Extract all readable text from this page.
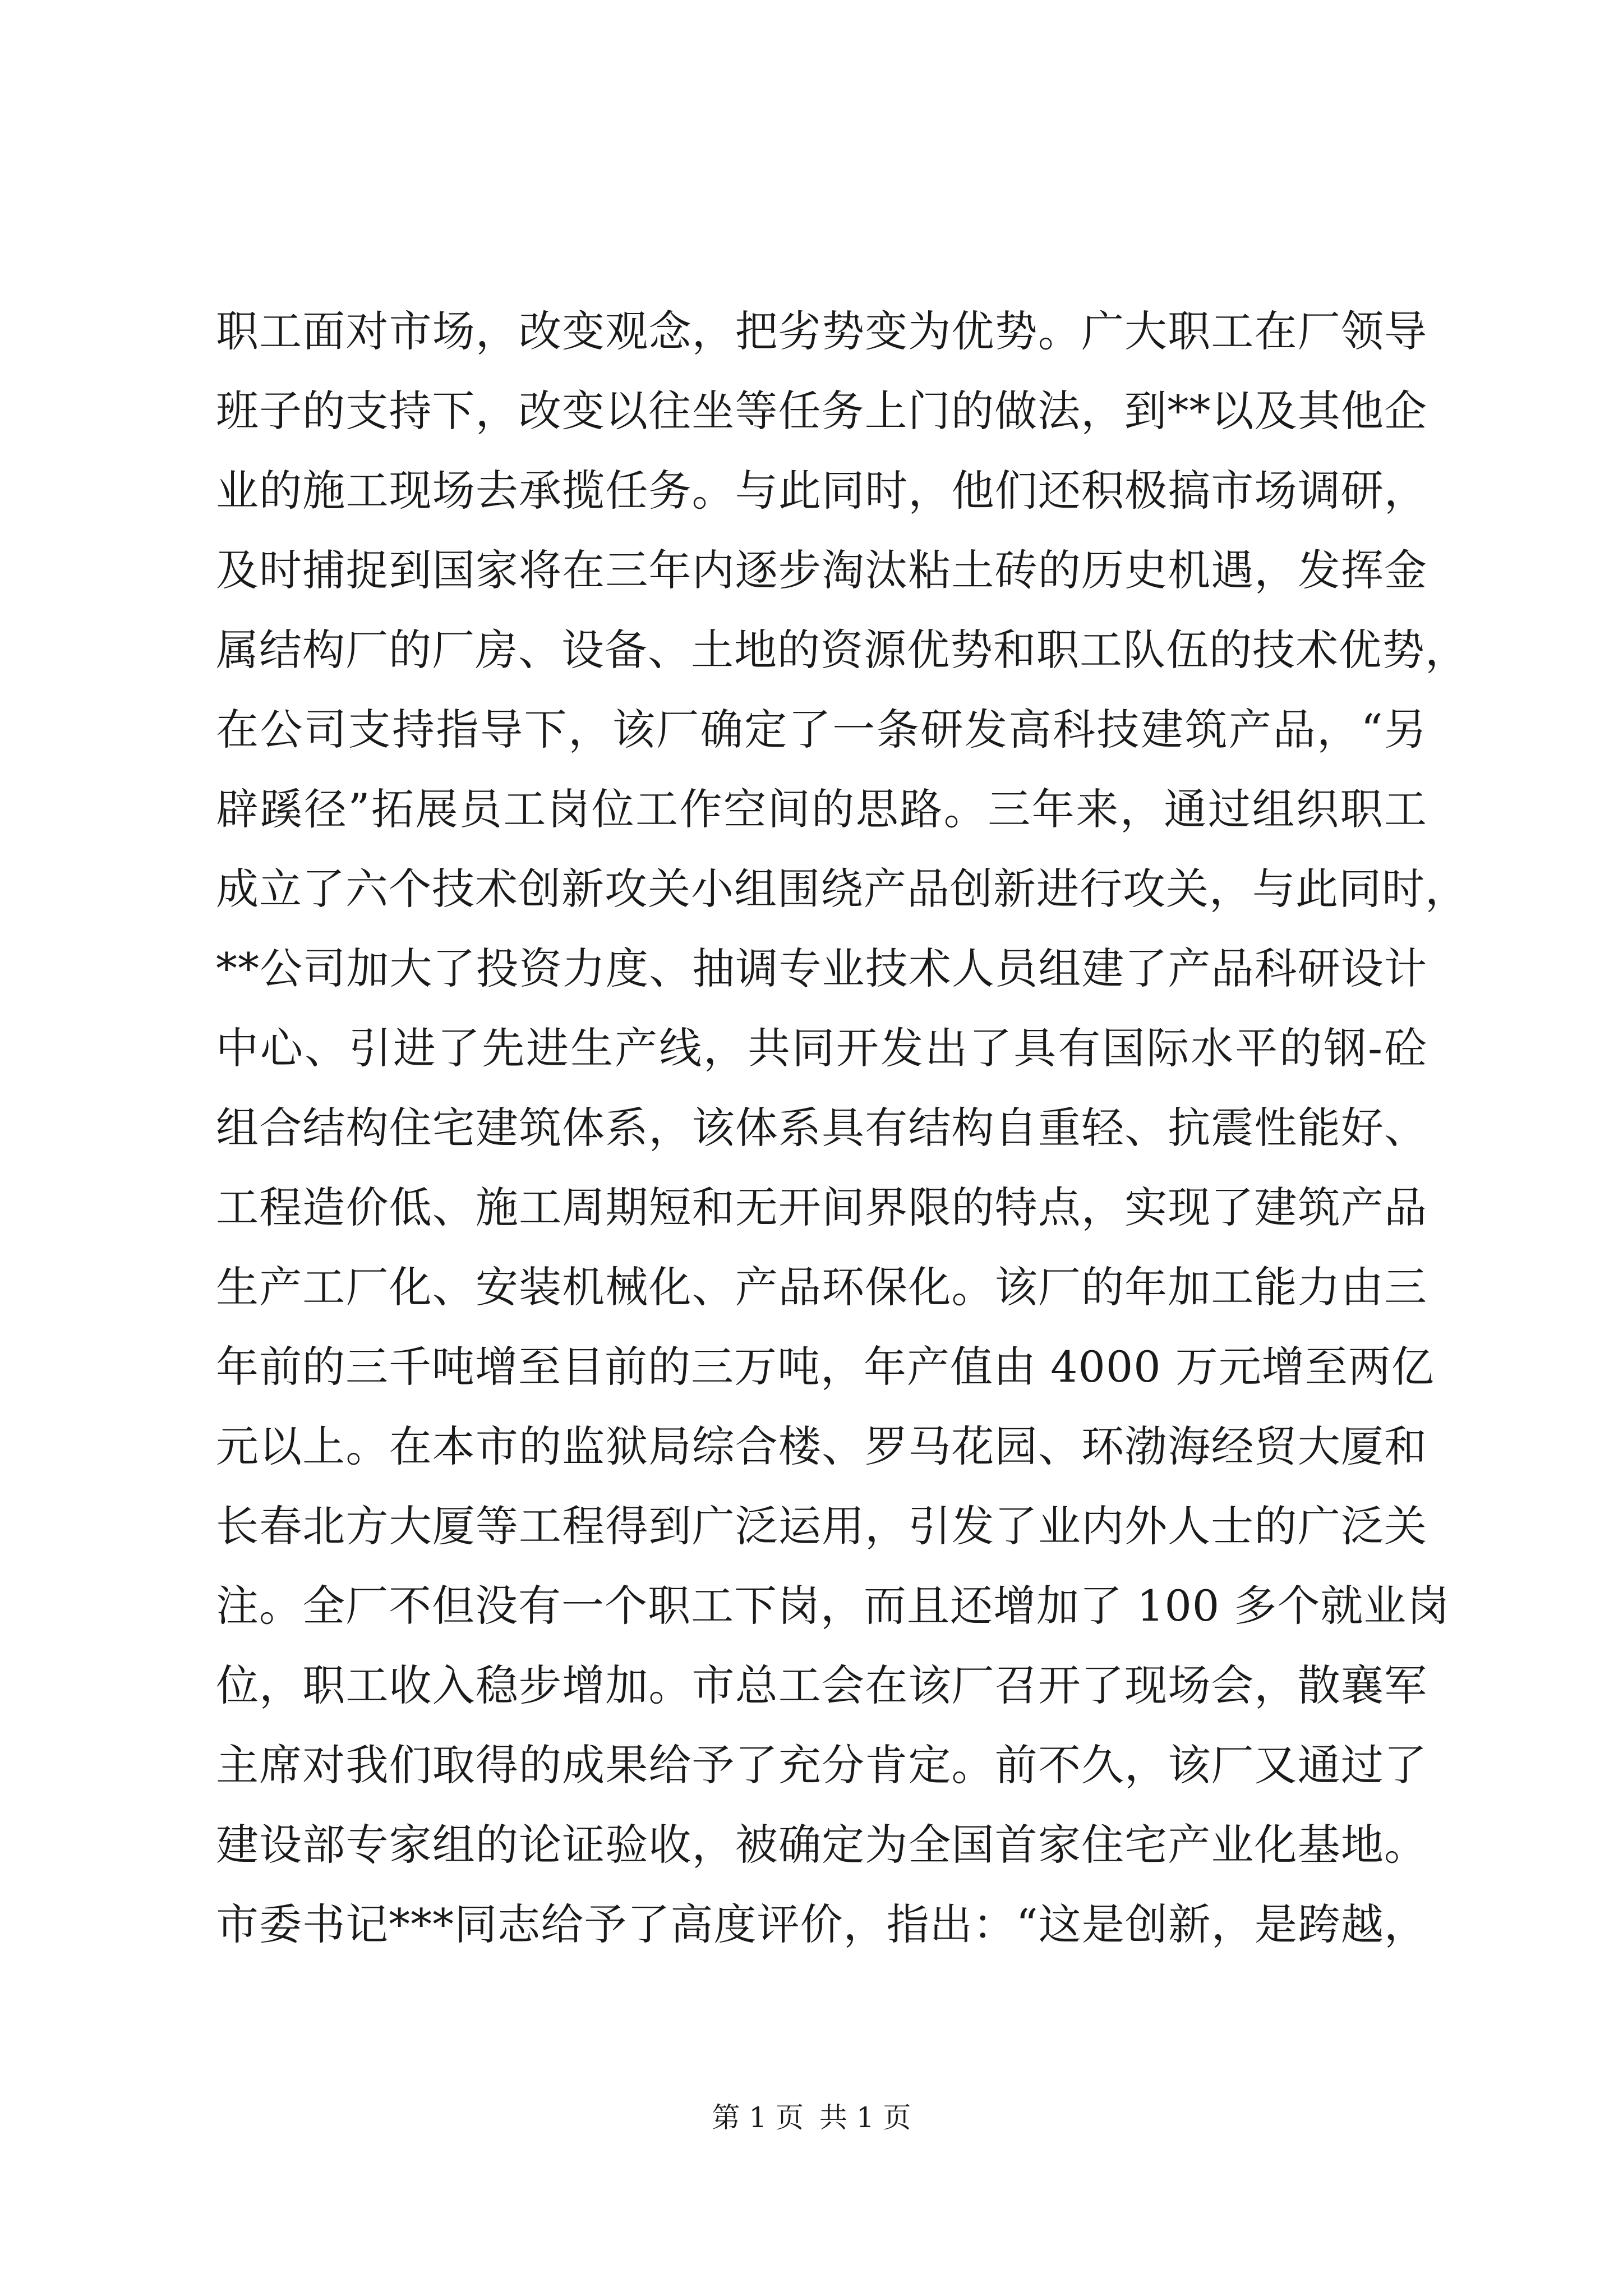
职工面对市场，改变观念，把劣势变为优势。广大职工在厂领导
班子的支持下，改变以往坐等任务上门的做法，到**以及其他企
业的施工现场去承揽任务。与此同时，他们还积极搞市场调研，
及时捕捉到国家将在三年内逐步淘汰粘土砖的历史机遇，发挥金
属结构厂的厂房、设备、土地的资源优势和职工队伍的技术优势，
在公司支持指导下，该厂确定了一条研发高科技建筑产品，“另
辟蹊径”拓展员工岗位工作空间的思路。三年来，通过组织职工
成立了六个技术创新攻关小组围绕产品创新进行攻关，与此同时，
**公司加大了投资力度、抽调专业技术人员组建了产品科研设计
中心、引进了先进生产线，共同开发出了具有国际水平的钢-砼
组合结构住宅建筑体系，该体系具有结构自重轻、抗震性能好、
工程造价低、施工周期短和无开间界限的特点，实现了建筑产品
生产工厂化、安装机械化、产品环保化。该厂的年加工能力由三
年前的三千吨增至目前的三万吨，年产值由 4000 万元增至两亿
元以上。在本市的监狱局综合楼、罗马花园、环渤海经贸大厦和
长春北方大厦等工程得到广泛运用，引发了业内外人士的广泛关
注。全厂不但没有一个职工下岗，而且还增加了 100 多个就业岗
位，职工收入稳步增加。市总工会在该厂召开了现场会，散襄军
主席对我们取得的成果给予了充分肯定。前不久，该厂又通过了
建设部专家组的论证验收，被确定为全国首家住宅产业化基地。
市委书记***同志给予了高度评价，指出：“这是创新，是跨越，
第 1 页 共 1 页
